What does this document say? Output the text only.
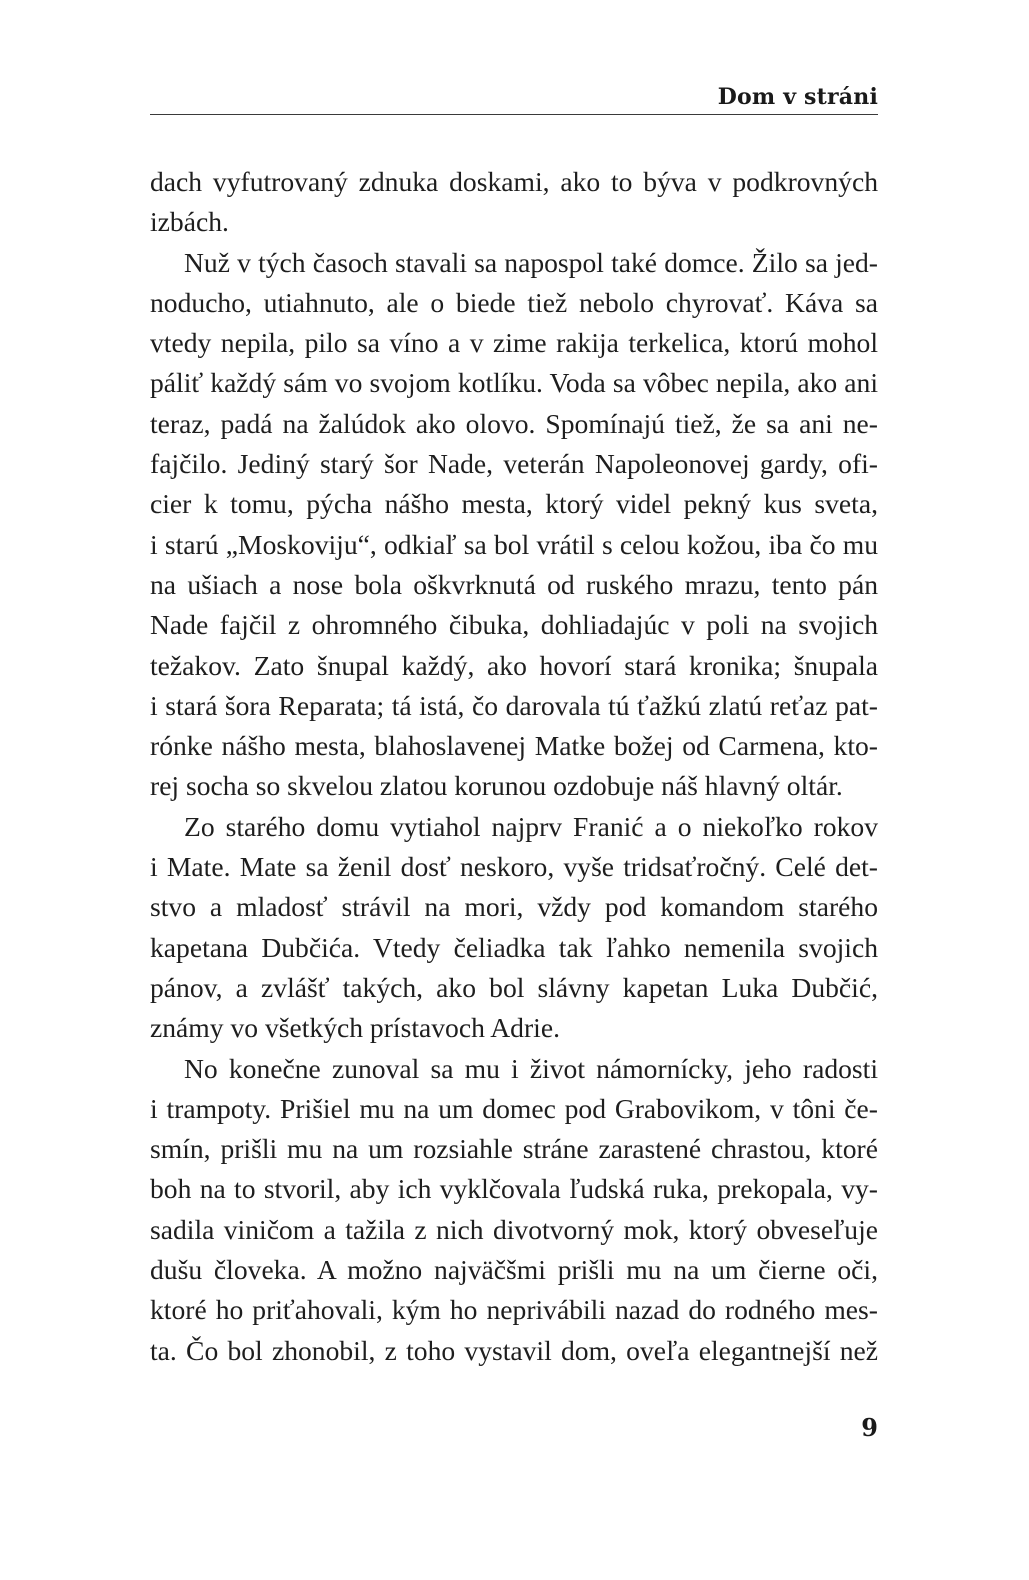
Dom v stráni

dach vyfutrovaný zdnuka doskami, ako to býva v podkrovných
izbách.

Nuž v tých časoch stavali sa napospol také domce. Žilo sa jed-
noducho, utiahnuto, ale o biede tiež nebolo chyrovať. Káva sa
vtedy nepila, pilo sa víno a v zime rakija terkelica, ktorú mohol
páliť každý sám vo svojom kotlíku. Voda sa vôbec nepila, ako ani
teraz, padá na žalúdok ako olovo. Spomínajú tiež, že sa ani ne-
fajčilo. Jediný starý šor Nade, veterán Napoleonovej gardy, ofi-
cier k tomu, pýcha nášho mesta, ktorý videl pekný kus sveta,
i starú „Moskoviju“, odkiaľ sa bol vrátil s celou kožou, iba čo mu
na ušiach a nose bola oškvrknutá od ruského mrazu, tento pán
Nade fajčil z ohromného čibuka, dohliadajúc v poli na svojich
težakov. Zato šnupal každý, ako hovorí stará kronika; šnupala
i stará šora Reparata; tá istá, čo darovala tú ťažkú zlatú reťaz pat-
rónke nášho mesta, blahoslavenej Matke božej od Carmena, kto-
rej socha so skvelou zlatou korunou ozdobuje náš hlavný oltár.

Zo starého domu vytiahol najprv Franić a o niekoľko rokov
i Mate. Mate sa ženil dosť neskoro, vyše tridsaťročný. Celé det-
stvo a mladosť strávil na mori, vždy pod komandom starého
kapetana Dubčića. Vtedy čeliadka tak ľahko nemenila svojich
pánov, a zvlášť takých, ako bol slávny kapetan Luka Dubčić,
známy vo všetkých prístavoch Adrie.

No konečne zunoval sa mu i život námornícky, jeho radosti
i trampoty. Prišiel mu na um domec pod Grabovikom, v tôni če-
smín, prišli mu na um rozsiahle stráne zarastené chrastou, ktoré
boh na to stvoril, aby ich vyklčovala ľudská ruka, prekopala, vy-
sadila viničom a tažila z nich divotvorný mok, ktorý obveseľuje
dušu človeka. A možno najväčšmi prišli mu na um čierne oči,
ktoré ho priťahovali, kým ho neprivábili nazad do rodného mes-
ta. Čo bol zhonobil, z toho vystavil dom, oveľa elegantnejší než

9
